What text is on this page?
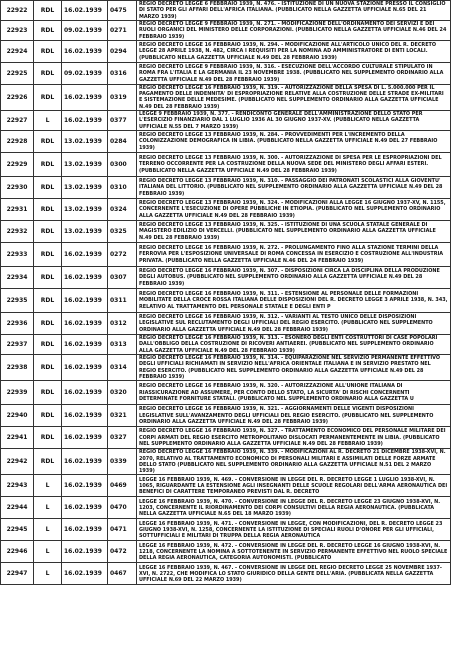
22922	RDL	16.02.1939	0475	REGIO DECRETO LEGGE 6 FEBBRAIO 1939, N. 476. - ISTITUZIONE DI UN NUOVA STAZIONE PRESSO IL CONSIGLIO DI STATO PER GLI AFFARI DELL'AFRICA ITALIANA. (PUBBLICATO NELLA GAZZETTA UFFICIALE N.65 DEL 21 MARZO 1939)
22923	RDL	09.02.1939	0271	REGIO DECRETO LEGGE 9 FEBBRAIO 1939, N. 271. - MODIFICAZIONE DELL'ORDINAMENTO DEI SERVIZI E DEI RUOLI ORGANICI DEL MINISTERO DELLE CORPORAZIONI. (PUBBLICATO NELLA GAZZETTA UFFICIALE N.46 DEL 24 FEBBRAIO 1939)
22924	RDL	16.02.1939	0294	REGIO DECRETO LEGGE 16 FEBBRAIO 1939, N. 294. - MODIFICAZIONE ALL'ARTICOLO UNICO DEL R. DECRETO LEGGE 28 APRILE 1938, N. 482, CIRCA I REQUISITI PER LA NOMINA AD AMMINISTRATORE DI ENTI LOCALI. (PUBBLICATO NELLA GAZZETTA UFFICIALE N.49 DEL 28 FEBBRAIO 1939)
22925	RDL	09.02.1939	0316	REGIO DECRETO LEGGE 9 FEBBRAIO 1939, N. 316. - ESECUZIONE DELL'ACCORDO CULTURALE STIPULATO IN ROMA FRA L'ITALIA E LA GERMANIA IL 23 NOVEMBRE 1938. (PUBBLICATO NEL SUPPLEMENTO ORDINARIO ALLA GAZZETTA UFFICIALE N.49 DEL 28 FEBBRAIO 1939)
22926	RDL	16.02.1939	0319	REGIO DECRETO LEGGE 16 FEBBRAIO 1939, N. 319. - AUTORIZZAZIONE DELLA SPESA DI L. 5.000.000 PER IL PAGAMENTO DELLE INDENNITA' DI ESPROPRIAZIONE RELATIVE ALLA COSTRUZIONE DELLE STRADE EX-MILITARI E SISTEMAZIONE DELLE MEDESIME. (PUBBLICATO NEL SUPPLEMENTO ORDINARIO ALLA GAZZETTA UFFICIALE N.49 DEL 28 FEBBRAIO 1939)
22927	L	16.02.1939	0377	LEGGE 9 FEBBRAIO 1939, N. 377. - RENDICONTO GENERALE DELL'AMMINISTRAZIONE DELLO STATO PER L'ESERCIZIO FINANZIARIO DAL 1 LUGLIO 1936 AL 30 GIUGNO 1937-XV. (PUBBLICATO NELLA GAZZETTA UFFICIALE N.55 DEL 7 MARZO 1939)
22928	RDL	13.02.1939	0284	REGIO DECRETO LEGGE 13 FEBBRAIO 1939, N. 284. - PROVVEDIMENTI PER L'INCREMENTO DELLA COLONIZZAZIONE DEMOGRAFICA IN LIBIA. (PUBBLICATO NELLA GAZZETTA UFFICIALE N.49 DEL 27 FEBBRAIO 1939)
22929	RDL	13.02.1939	0300	REGIO DECRETO LEGGE 13 FEBBRAIO 1939, N. 300. - AUTORIZZAZIONE DI SPESA PER LE ESPROPRIAZIONI DEL TERRENO OCCORRENTE PER LA COSTRUZIONE DELLA NUOVA SEDE DEL MINISTERO DEGLI AFFARI ESTERI. (PUBBLICATO NELLA GAZZETTA UFFICIALE N.49 DEL 28 FEBBRAIO 1939)
22930	RDL	13.02.1939	0310	REGIO DECRETO LEGGE 13 FEBBRAIO 1939, N. 310. - PASSAGGIO DEI PATRONATI SCOLASTICI ALLA GIOVENTU' ITALIANA DEL LITTORIO. (PUBBLICATO NEL SUPPLEMENTO ORDINARIO ALLA GAZZETTA UFFICIALE N.49 DEL 28 FEBBRAIO 1939)
22931	RDL	13.02.1939	0324	REGIO DECRETO LEGGE 13 FEBBRAIO 1939, N. 324. - MODIFICAZIONI ALLA LEGGE 16 GIUGNO 1937-XV, N. 1155, CONCERNENTE L'ESECUZIONE DI OPERE PUBBLICHE IN ETIOPIA. (PUBBLICATO NEL SUPPLEMENTO ORDINARIO ALLA GAZZETTA UFFICIALE N.49 DEL 28 FEBBRAIO 1939)
22932	RDL	13.02.1939	0325	REGIO DECRETO LEGGE 13 FEBBRAIO 1939, N. 325. - ISTITUZIONE DI UNA SCUOLA STATALE GENERALE DI MAGISTERO EDILIZIO DI VERCELLI. (PUBBLICATO NEL SUPPLEMENTO ORDINARIO ALLA GAZZETTA UFFICIALE N.49 DEL 28 FEBBRAIO 1939)
22933	RDL	16.02.1939	0272	REGIO DECRETO LEGGE 16 FEBBRAIO 1939, N. 272. - PROLUNGAMENTO FINO ALLA STAZIONE TERMINI DELLA FERROVIA PER L'ESPOSIZIONE UNIVERSALE DI ROMA CONCESSA IN ESERCIZIO E COSTRUZIONE ALL'INDUSTRIA PRIVATA. (PUBBLICATO NELLA GAZZETTA UFFICIALE N.46 DEL 24 FEBBRAIO 1939)
22934	RDL	16.02.1939	0307	REGIO DECRETO LEGGE 16 FEBBRAIO 1939, N. 307. - DISPOSIZIONI CIRCA LA DISCIPLINA DELLA PRODUZIONE DEGLI AUTOBUS. (PUBBLICATO NEL SUPPLEMENTO ORDINARIO ALLA GAZZETTA UFFICIALE N.49 DEL 28 FEBBRAIO 1939)
22935	RDL	16.02.1939	0311	REGIO DECRETO LEGGE 16 FEBBRAIO 1939, N. 311. - ESTENSIONE AL PERSONALE DELLE FORMAZIONI MOBILITATE DELLA CROCE ROSSA ITALIANA DELLE DISPOSIZIONI DEL R. DECRETO LEGGE 3 APRILE 1938, N. 343, RELATIVO AL TRATTAMENTO DEL PERSONALE STATALE E DEGLI ENTI P
22936	RDL	16.02.1939	0312	REGIO DECRETO LEGGE 16 FEBBRAIO 1939, N. 312. - VARIANTI AL TESTO UNICO DELLE DISPOSIZIONI LEGISLATIVE SUL RECLUTAMENTO DEGLI UFFICIALI DEL REGIO ESERCITO. (PUBBLICATO NEL SUPPLEMENTO ORDINARIO ALLA GAZZETTA UFFICIALE N.49 DEL 28 FEBBRAIO 1939)
22937	RDL	16.02.1939	0313	REGIO DECRETO LEGGE 16 FEBBRAIO 1939, N. 313. - ESONERO DEGLI ENTI COSTRUTTORI DI CASE POPOLARI DALL'OBBLIGO DELLA COSTRUZIONE DI RICOVERI ANTIAEREI. (PUBBLICATO NEL SUPPLEMENTO ORDINARIO ALLA GAZZETTA UFFICIALE N.49 DEL 28 FEBBRAIO 1939)
22938	RDL	16.02.1939	0314	REGIO DECRETO LEGGE 16 FEBBRAIO 1939, N. 314. - EQUIPARAZIONE NEL SERVIZIO PERMANENTE EFFETTIVO DEGLI UFFICIALI RICHIAMATI IN SERVIZIO NELL'AFRICA ORIENTALE ITALIANA E IN SERVIZIO PRESTATO NEL REGIO ESERCITO. (PUBBLICATO NEL SUPPLEMENTO ORDINARIO ALLA GAZZETTA UFFICIALE N.49 DEL 28 FEBBRAIO 1939)
22939	RDL	16.02.1939	0320	REGIO DECRETO LEGGE 16 FEBBRAIO 1939, N. 320. - AUTORIZZAZIONE ALL'UNIONE ITALIANA DI RIASSICURAZIONE AD ASSUMERE, PER CONTO DELLO STATO, LA SICURTA' DI RISCHI CONCERNENTI DETERMINATE FORNITURE STATALI. (PUBBLICATO NEL SUPPLEMENTO ORDINARIO ALLA GAZZETTA U
22940	RDL	16.02.1939	0321	REGIO DECRETO LEGGE 16 FEBBRAIO 1939, N. 321. - AGGIORNAMENTI DELLE VIGENTI DISPOSIZIONI LEGISLATIVE SULL'AVANZAMENTO DEGLI UFFICIALI DEL REGIO ESERCITO. (PUBBLICATO NEL SUPPLEMENTO ORDINARIO ALLA GAZZETTA UFFICIALE N.49 DEL 28 FEBBRAIO 1939)
22941	RDL	16.02.1939	0327	REGIO DECRETO LEGGE 16 FEBBRAIO 1939, N. 327. - TRATTAMENTO ECONOMICO DEL PERSONALE MILITARE DEI CORPI ARMATI DEL REGIO ESERCITO METROPOLITANO DISLOCATI PERMANENTEMENTE IN LIBIA. (PUBBLICATO NEL SUPPLEMENTO ORDINARIO ALLA GAZZETTA UFFICIALE N.49 DEL 28 FEBBRAIO 1939)
22942	RDL	16.02.1939	0339	REGIO DECRETO LEGGE 16 FEBBRAIO 1939, N. 339. - MODIFICAZIONI AL R. DECRETO 21 DICEMBRE 1938-XVI, N. 2070, RELATIVO AL TRATTAMENTO ECONOMICO DI PERSONALI MILITARI E ASSIMILATI DELLE FORZE ARMATE DELLO STATO (PUBBLICATO NEL SUPPLEMENTO ORDINARIO ALLA GAZZETTA UFFICIALE N.51 DEL 2 MARZO 1939)
22943	L	16.02.1939	0469	LEGGE 16 FEBBRAIO 1939, N. 469. - CONVERSIONE IN LEGGE DEL R. DECRETO LEGGE 1 LUGLIO 1938-XVI, N. 1065, RIGUARDANTE LA ESTENSIONE AGLI INSEGNANTI DELLE SCUOLE REGOLARI DELL'ARMA AERONAUTICA DEI BENEFICI DI CARATTERE TEMPORANEO PREVISTI DAL R. DECRETO
22944	L	16.02.1939	0470	LEGGE 16 FEBBRAIO 1939, N. 470. - CONVERSIONE IN LEGGE DEL R. DECRETO LEGGE 23 GIUGNO 1938-XVI, N. 1203, CONCERNENTE IL RIORDINAMENTO DEI CORPI CONSULTIVI DELLA REGIA AERONAUTICA. (PUBBLICATA NELLA GAZZETTA UFFICIALE N.65 DEL 18 MARZO 1939)
22945	L	16.02.1939	0471	LEGGE 16 FEBBRAIO 1939, N. 471. - CONVERSIONE IN LEGGE, CON MODIFICAZIONI, DEL R. DECRETO LEGGE 23 GIUGNO 1938-XVI, N. 1258, CONCERNENTE LA ISTITUZIONE DI SPECIALI RUOLI D'ONORE PER GLI UFFICIALI, SOTTUFFICIALI E MILITARI DI TRUPPA DELLA REGIA AERONAUTICA
22946	L	16.02.1939	0472	LEGGE 16 FEBBRAIO 1939, N. 472. - CONVERSIONE IN LEGGE DEL R. DECRETO LEGGE 16 GIUGNO 1938-XVI, N. 1218, CONCERNENTE LA NOMINA A SOTTOTENENTE IN SERVIZIO PERMANENTE EFFETTIVO NEL RUOLO SPECIALE DELLA REGIA AERONAUTICA, CATEGORIA AUTONOMISTI. (PUBBLICATO
22947	L	16.02.1939	0467	LEGGE 16 FEBBRAIO 1939, N. 467. - CONVERSIONE IN LEGGE DEL REGIO DECRETO LEGGE 25 NOVEMBRE 1937-XVI, N. 2722, CHE MODIFICA LO STATO GIURIDICO DELLA GENTE DELL'ARIA. (PUBBLICATA NELLA GAZZETTA UFFICIALE N.69 DEL 22 MARZO 1939)
